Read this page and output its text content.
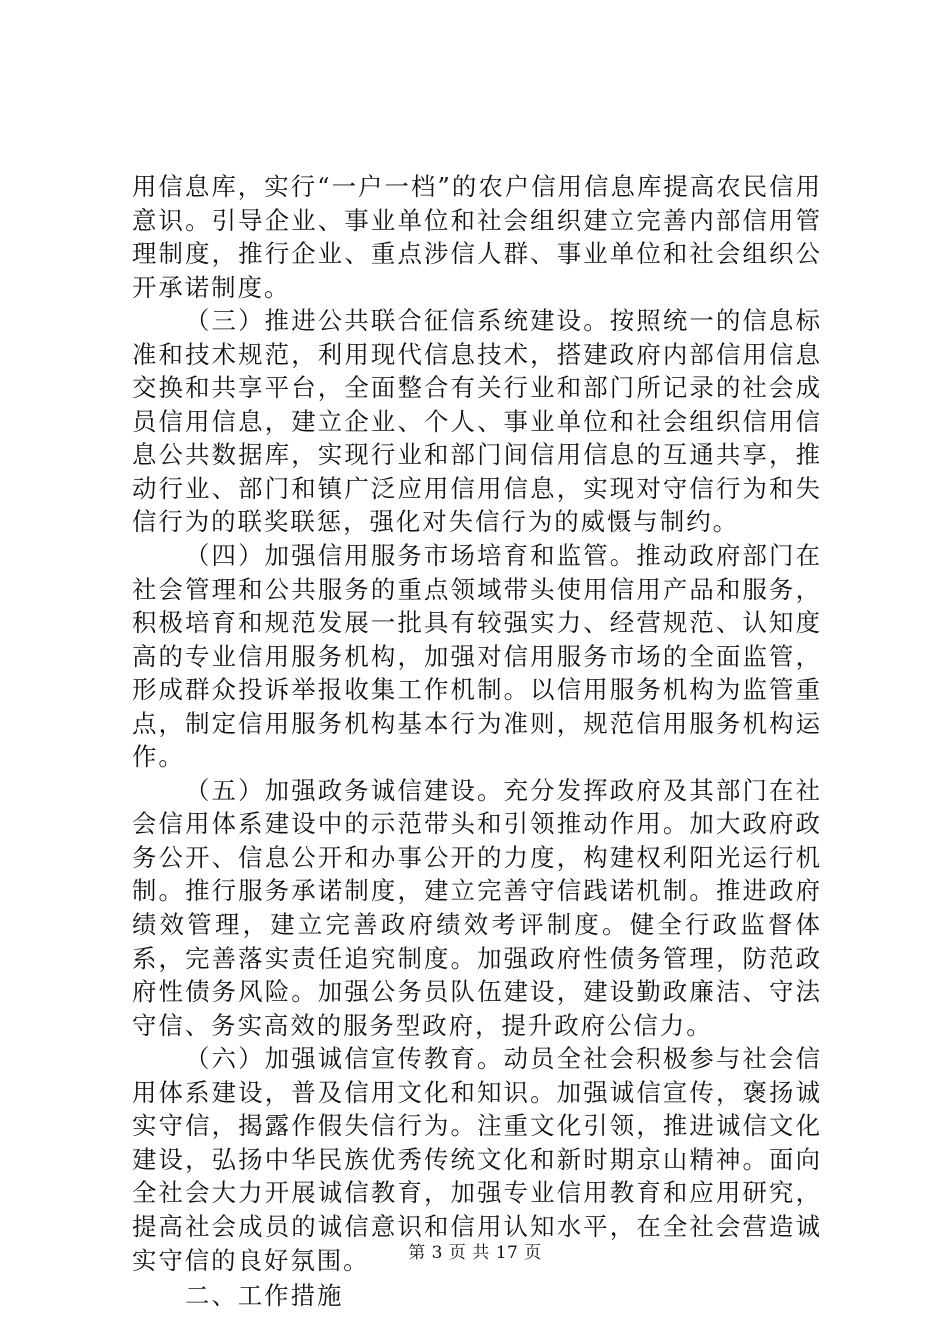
用信息库，实行“一户一档”的农户信用信息库提高农民信用意识。引导企业、事业单位和社会组织建立完善内部信用管理制度，推行企业、重点涉信人群、事业单位和社会组织公开承诺制度。

（三）推进公共联合征信系统建设。按照统一的信息标准和技术规范，利用现代信息技术，搭建政府内部信用信息交换和共享平台，全面整合有关行业和部门所记录的社会成员信用信息，建立企业、个人、事业单位和社会组织信用信息公共数据库，实现行业和部门间信用信息的互通共享，推动行业、部门和镇广泛应用信用信息，实现对守信行为和失信行为的联奖联惩，强化对失信行为的威慑与制约。

（四）加强信用服务市场培育和监管。推动政府部门在社会管理和公共服务的重点领域带头使用信用产品和服务，积极培育和规范发展一批具有较强实力、经营规范、认知度高的专业信用服务机构，加强对信用服务市场的全面监管，形成群众投诉举报收集工作机制。以信用服务机构为监管重点，制定信用服务机构基本行为准则，规范信用服务机构运作。

（五）加强政务诚信建设。充分发挥政府及其部门在社会信用体系建设中的示范带头和引领推动作用。加大政府政务公开、信息公开和办事公开的力度，构建权利阳光运行机制。推行服务承诺制度，建立完善守信践诺机制。推进政府绩效管理，建立完善政府绩效考评制度。健全行政监督体系，完善落实责任追究制度。加强政府性债务管理，防范政府性债务风险。加强公务员队伍建设，建设勤政廉洁、守法守信、务实高效的服务型政府，提升政府公信力。

（六）加强诚信宣传教育。动员全社会积极参与社会信用体系建设，普及信用文化和知识。加强诚信宣传，褒扬诚实守信，揭露作假失信行为。注重文化引领，推进诚信文化建设，弘扬中华民族优秀传统文化和新时期京山精神。面向全社会大力开展诚信教育，加强专业信用教育和应用研究，提高社会成员的诚信意识和信用认知水平，在全社会营造诚实守信的良好氛围。

二、工作措施

第 3 页 共 17 页
